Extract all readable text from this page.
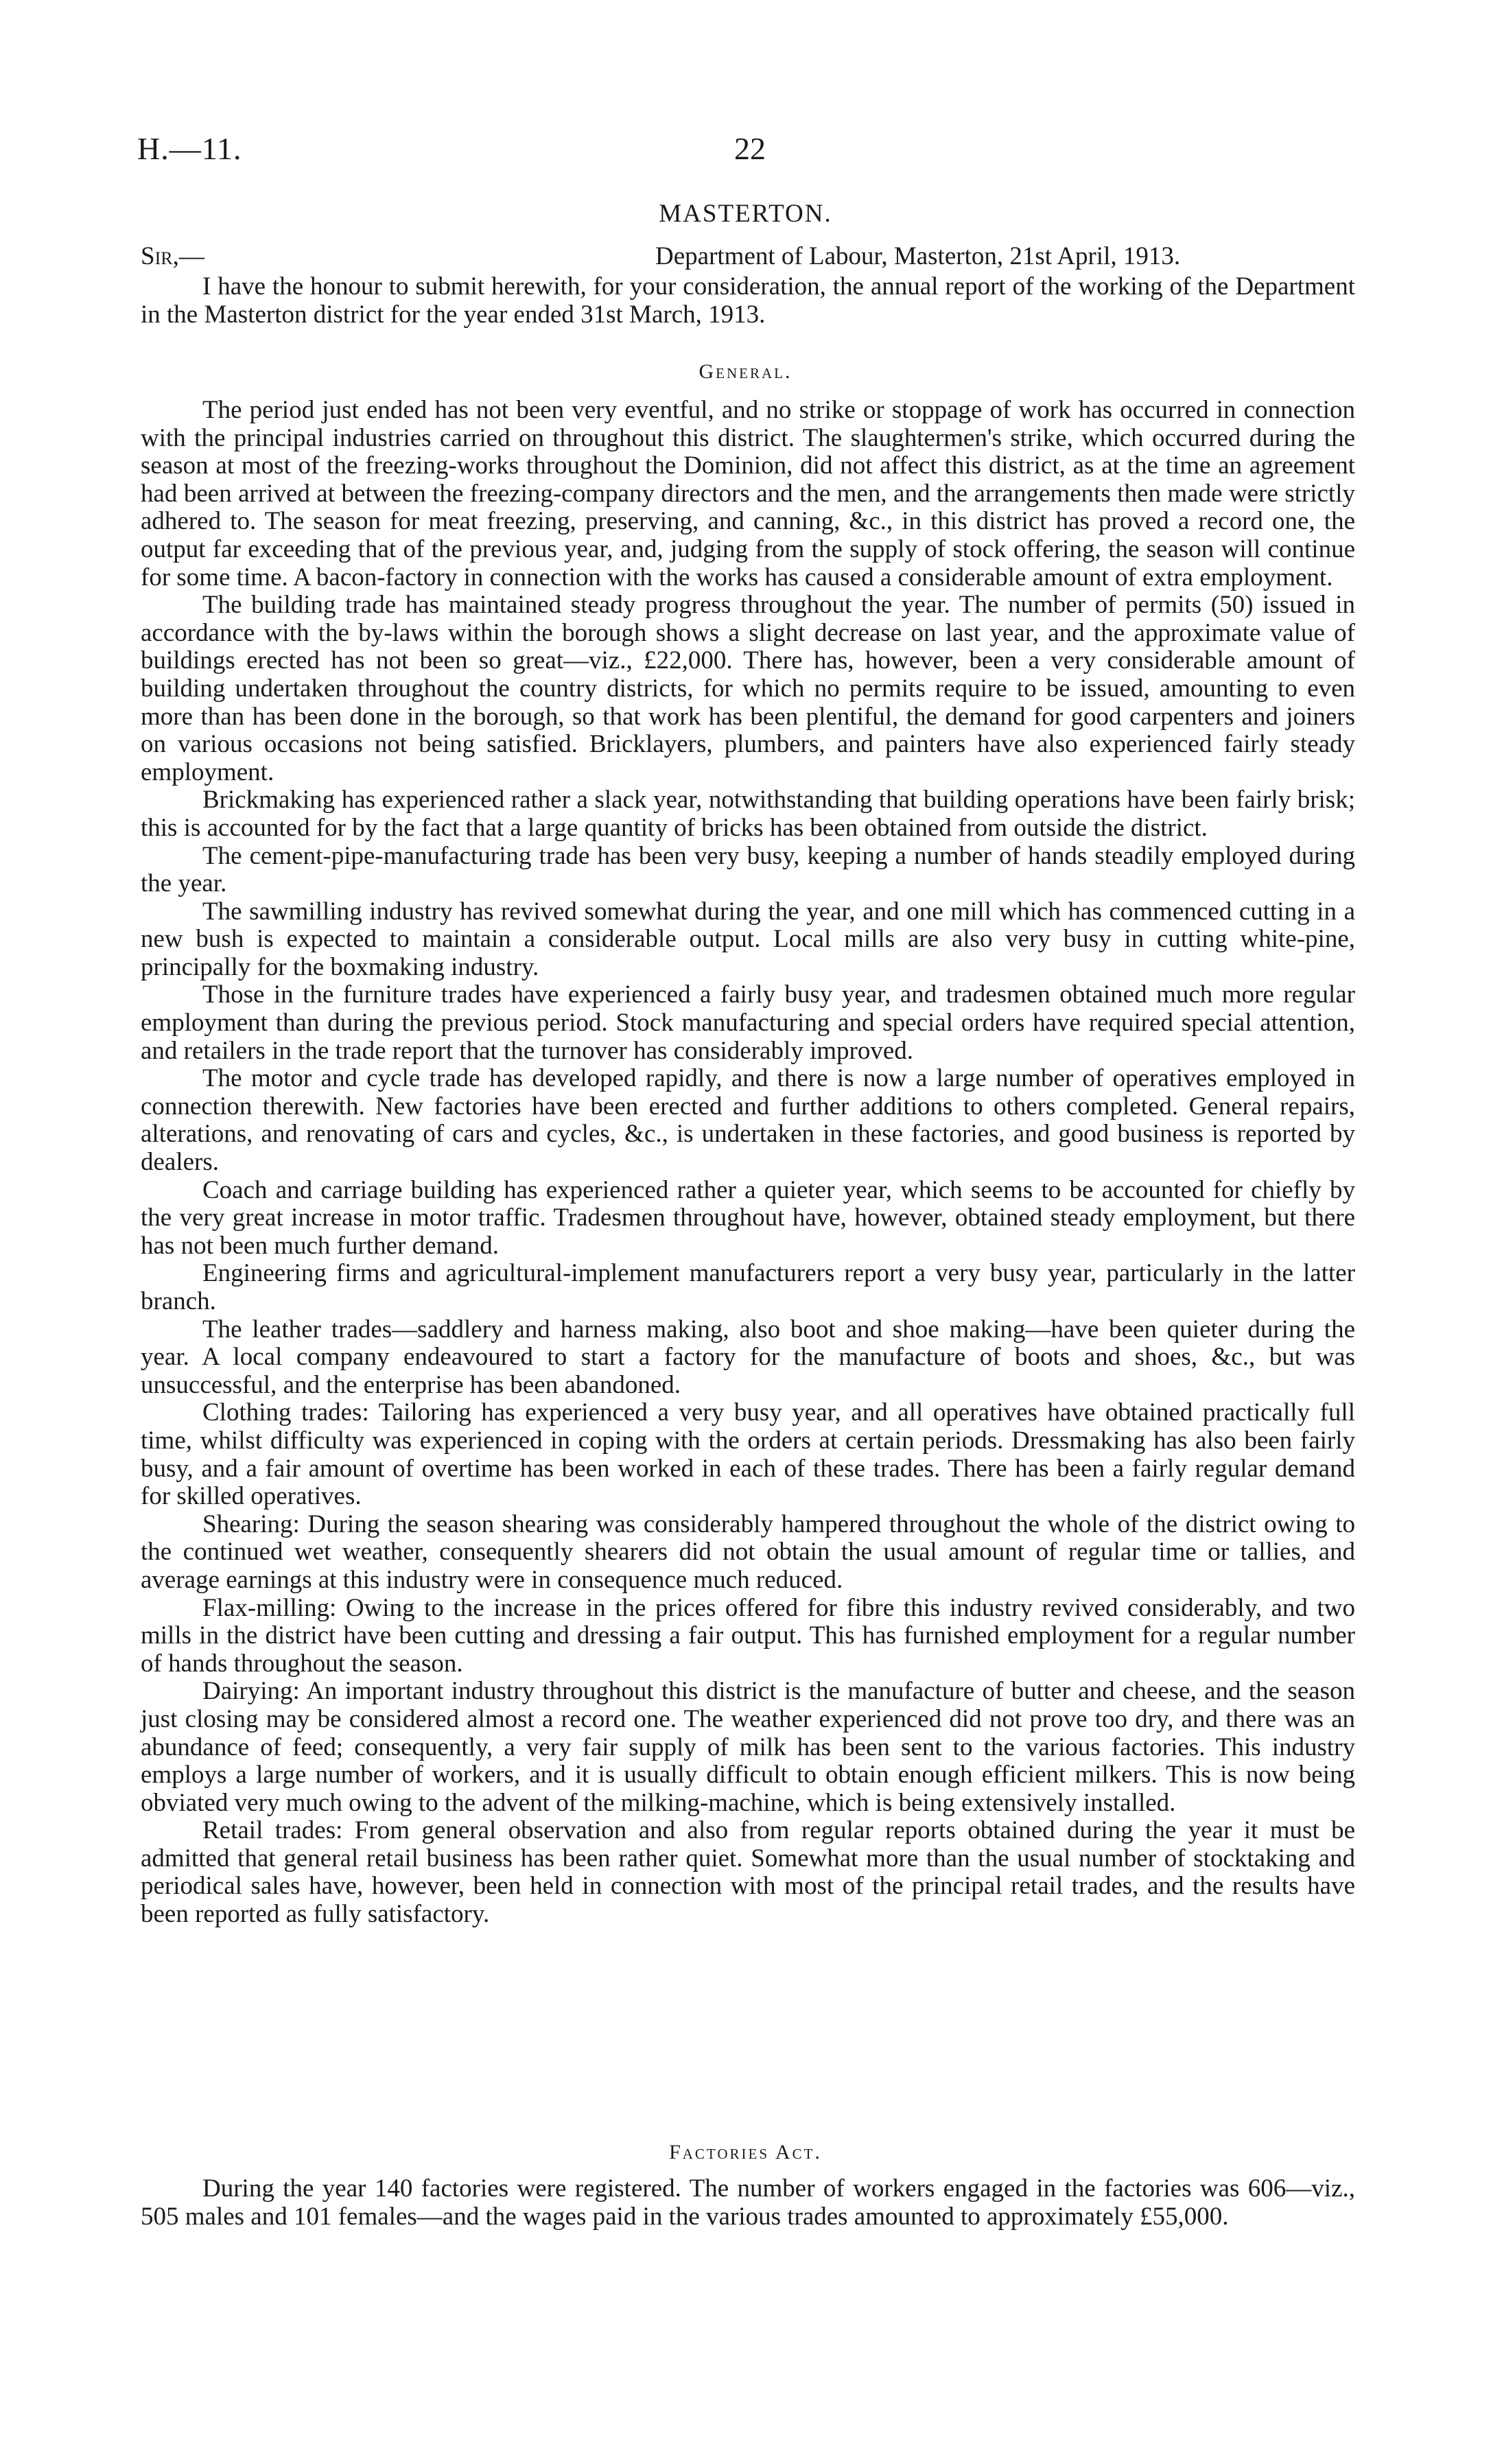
H.—11.	22
MASTERTON.
Sir,—	Department of Labour, Masterton, 21st April, 1913.

I have the honour to submit herewith, for your consideration, the annual report of the working of the Department in the Masterton district for the year ended 31st March, 1913.

General.

The period just ended has not been very eventful, and no strike or stoppage of work has occurred in connection with the principal industries carried on throughout this district. The slaughtermen's strike, which occurred during the season at most of the freezing-works throughout the Dominion, did not affect this district, as at the time an agreement had been arrived at between the freezing-company directors and the men, and the arrangements then made were strictly adhered to. The season for meat freezing, preserving, and canning, &c., in this district has proved a record one, the output far exceeding that of the previous year, and, judging from the supply of stock offering, the season will continue for some time. A bacon-factory in connection with the works has caused a considerable amount of extra employment.

The building trade has maintained steady progress throughout the year. The number of permits (50) issued in accordance with the by-laws within the borough shows a slight decrease on last year, and the approximate value of buildings erected has not been so great—viz., £22,000. There has, however, been a very considerable amount of building undertaken throughout the country districts, for which no permits require to be issued, amounting to even more than has been done in the borough, so that work has been plentiful, the demand for good carpenters and joiners on various occasions not being satisfied. Bricklayers, plumbers, and painters have also experienced fairly steady employment.

Brickmaking has experienced rather a slack year, notwithstanding that building operations have been fairly brisk; this is accounted for by the fact that a large quantity of bricks has been obtained from outside the district.

The cement-pipe-manufacturing trade has been very busy, keeping a number of hands steadily employed during the year.

The sawmilling industry has revived somewhat during the year, and one mill which has commenced cutting in a new bush is expected to maintain a considerable output. Local mills are also very busy in cutting white-pine, principally for the boxmaking industry.

Those in the furniture trades have experienced a fairly busy year, and tradesmen obtained much more regular employment than during the previous period. Stock manufacturing and special orders have required special attention, and retailers in the trade report that the turnover has considerably improved.

The motor and cycle trade has developed rapidly, and there is now a large number of operatives employed in connection therewith. New factories have been erected and further additions to others completed. General repairs, alterations, and renovating of cars and cycles, &c., is undertaken in these factories, and good business is reported by dealers.

Coach and carriage building has experienced rather a quieter year, which seems to be accounted for chiefly by the very great increase in motor traffic. Tradesmen throughout have, however, obtained steady employment, but there has not been much further demand.

Engineering firms and agricultural-implement manufacturers report a very busy year, particularly in the latter branch.

The leather trades—saddlery and harness making, also boot and shoe making—have been quieter during the year. A local company endeavoured to start a factory for the manufacture of boots and shoes, &c., but was unsuccessful, and the enterprise has been abandoned.

Clothing trades: Tailoring has experienced a very busy year, and all operatives have obtained practically full time, whilst difficulty was experienced in coping with the orders at certain periods. Dressmaking has also been fairly busy, and a fair amount of overtime has been worked in each of these trades. There has been a fairly regular demand for skilled operatives.

Shearing: During the season shearing was considerably hampered throughout the whole of the district owing to the continued wet weather, consequently shearers did not obtain the usual amount of regular time or tallies, and average earnings at this industry were in consequence much reduced.

Flax-milling: Owing to the increase in the prices offered for fibre this industry revived considerably, and two mills in the district have been cutting and dressing a fair output. This has furnished employment for a regular number of hands throughout the season.

Dairying: An important industry throughout this district is the manufacture of butter and cheese, and the season just closing may be considered almost a record one. The weather experienced did not prove too dry, and there was an abundance of feed; consequently, a very fair supply of milk has been sent to the various factories. This industry employs a large number of workers, and it is usually difficult to obtain enough efficient milkers. This is now being obviated very much owing to the advent of the milking-machine, which is being extensively installed.

Retail trades: From general observation and also from regular reports obtained during the year it must be admitted that general retail business has been rather quiet. Somewhat more than the usual number of stocktaking and periodical sales have, however, been held in connection with most of the principal retail trades, and the results have been reported as fully satisfactory.

Factories Act.

During the year 140 factories were registered. The number of workers engaged in the factories was 606—viz., 505 males and 101 females—and the wages paid in the various trades amounted to approximately £55,000.
